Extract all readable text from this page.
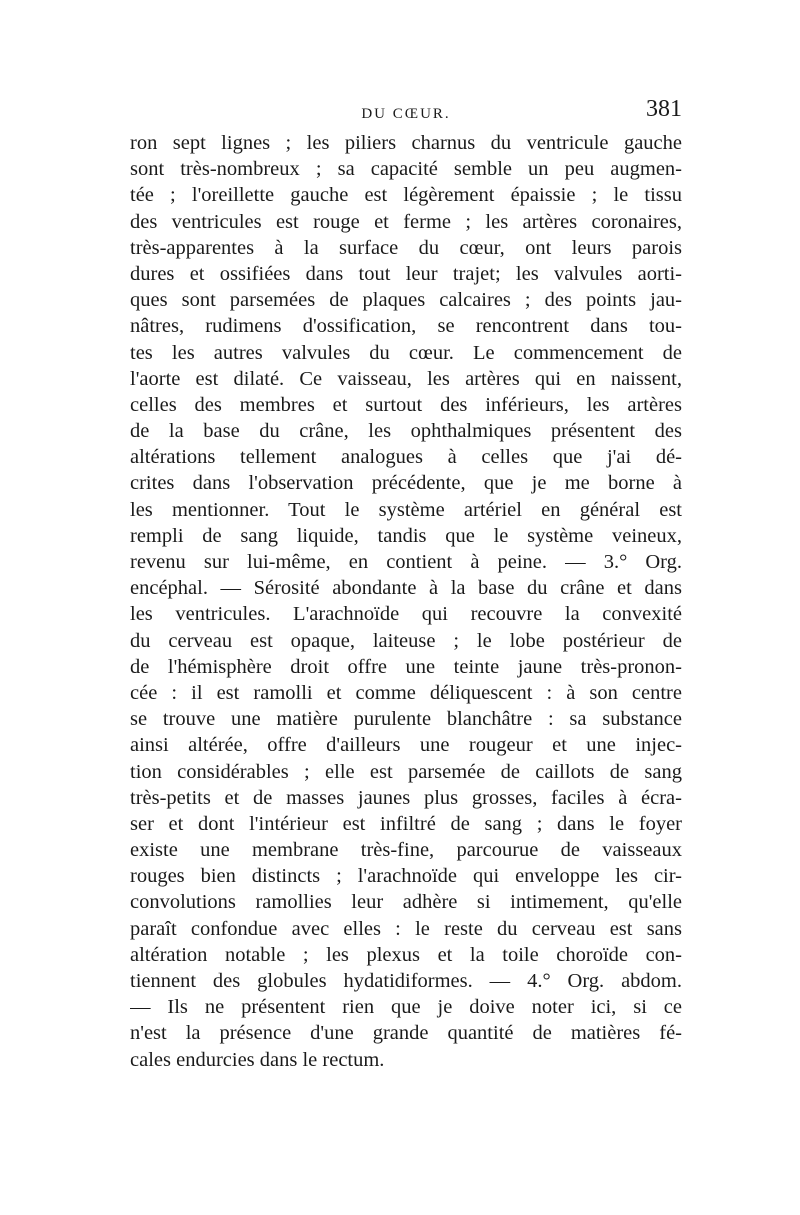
DU CŒUR.	381
ron sept lignes ; les piliers charnus du ventricule gauche
sont très-nombreux ; sa capacité semble un peu augmen-
tée ; l'oreillette gauche est légèrement épaissie ; le tissu
des ventricules est rouge et ferme ; les artères coronaires,
très-apparentes à la surface du cœur, ont leurs parois
dures et ossifiées dans tout leur trajet; les valvules aorti-
ques sont parsemées de plaques calcaires ; des points jau-
nâtres, rudimens d'ossification, se rencontrent dans tou-
tes les autres valvules du cœur. Le commencement de
l'aorte est dilaté. Ce vaisseau, les artères qui en naissent,
celles des membres et surtout des inférieurs, les artères
de la base du crâne, les ophthalmiques présentent des
altérations tellement analogues à celles que j'ai dé-
crites dans l'observation précédente, que je me borne à
les mentionner. Tout le système artériel en général est
rempli de sang liquide, tandis que le système veineux,
revenu sur lui-même, en contient à peine. — 3.° Org.
encéphal. — Sérosité abondante à la base du crâne et dans
les ventricules. L'arachnoïde qui recouvre la convexité
du cerveau est opaque, laiteuse ; le lobe postérieur de
de l'hémisphère droit offre une teinte jaune très-pronon-
cée : il est ramolli et comme déliquescent : à son centre
se trouve une matière purulente blanchâtre : sa substance
ainsi altérée, offre d'ailleurs une rougeur et une injec-
tion considérables ; elle est parsemée de caillots de sang
très-petits et de masses jaunes plus grosses, faciles à écra-
ser et dont l'intérieur est infiltré de sang ; dans le foyer
existe une membrane très-fine, parcourue de vaisseaux
rouges bien distincts ; l'arachnoïde qui enveloppe les cir-
convolutions ramollies leur adhère si intimement, qu'elle
paraît confondue avec elles : le reste du cerveau est sans
altération notable ; les plexus et la toile choroïde con-
tiennent des globules hydatidiformes. — 4.° Org. abdom.
— Ils ne présentent rien que je doive noter ici, si ce
n'est la présence d'une grande quantité de matières fé-
cales endurcies dans le rectum.
